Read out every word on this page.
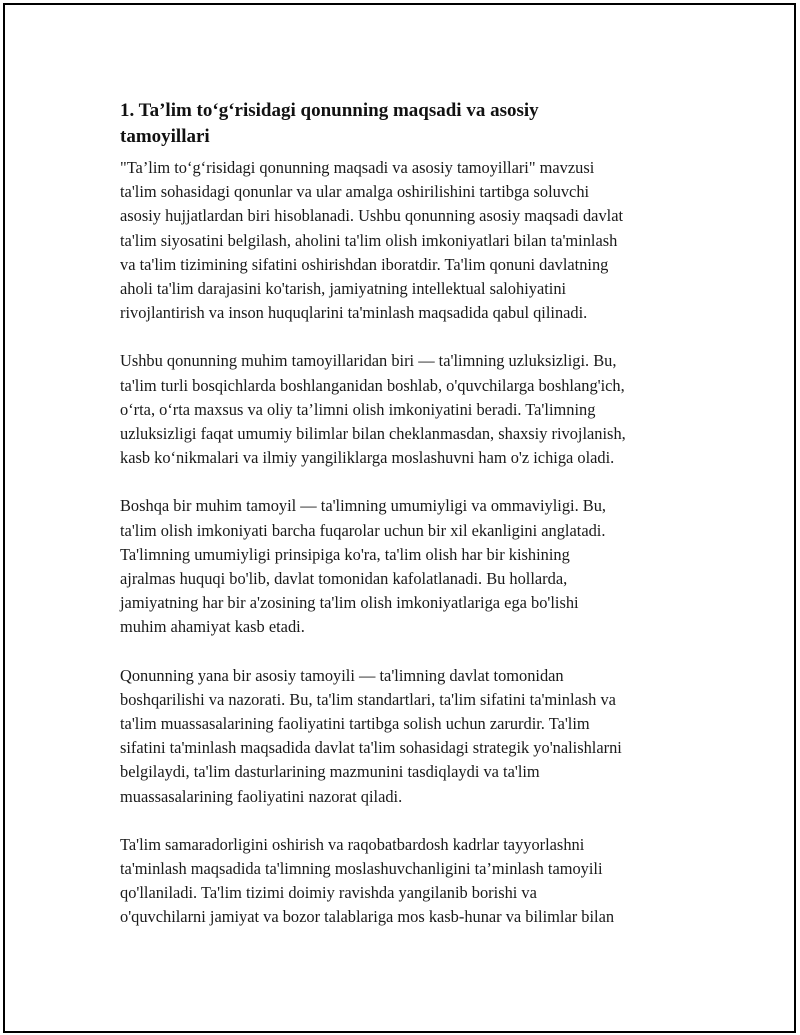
1. Ta’lim to‘g‘risidagi qonunning maqsadi va asosiy
tamoyillari

"Ta’lim to‘g‘risidagi qonunning maqsadi va asosiy tamoyillari" mavzusi
ta'lim sohasidagi qonunlar va ular amalga oshirilishini tartibga soluvchi
asosiy hujjatlardan biri hisoblanadi. Ushbu qonunning asosiy maqsadi davlat
ta'lim siyosatini belgilash, aholini ta'lim olish imkoniyatlari bilan ta'minlash
va ta'lim tizimining sifatini oshirishdan iboratdir. Ta'lim qonuni davlatning
aholi ta'lim darajasini ko'tarish, jamiyatning intellektual salohiyatini
rivojlantirish va inson huquqlarini ta'minlash maqsadida qabul qilinadi.

Ushbu qonunning muhim tamoyillaridan biri — ta'limning uzluksizligi. Bu,
ta'lim turli bosqichlarda boshlanganidan boshlab, o'quvchilarga boshlang'ich,
o‘rta, o‘rta maxsus va oliy ta’limni olish imkoniyatini beradi. Ta'limning
uzluksizligi faqat umumiy bilimlar bilan cheklanmasdan, shaxsiy rivojlanish,
kasb ko‘nikmalari va ilmiy yangiliklarga moslashuvni ham o'z ichiga oladi.

Boshqa bir muhim tamoyil — ta'limning umumiyligi va ommaviyligi. Bu,
ta'lim olish imkoniyati barcha fuqarolar uchun bir xil ekanligini anglatadi.
Ta'limning umumiyligi prinsipiga ko'ra, ta'lim olish har bir kishining
ajralmas huquqi bo'lib, davlat tomonidan kafolatlanadi. Bu hollarda,
jamiyatning har bir a'zosining ta'lim olish imkoniyatlariga ega bo'lishi
muhim ahamiyat kasb etadi.

Qonunning yana bir asosiy tamoyili — ta'limning davlat tomonidan
boshqarilishi va nazorati. Bu, ta'lim standartlari, ta'lim sifatini ta'minlash va
ta'lim muassasalarining faoliyatini tartibga solish uchun zarurdir. Ta'lim
sifatini ta'minlash maqsadida davlat ta'lim sohasidagi strategik yo'nalishlarni
belgilaydi, ta'lim dasturlarining mazmunini tasdiqlaydi va ta'lim
muassasalarining faoliyatini nazorat qiladi.

Ta'lim samaradorligini oshirish va raqobatbardosh kadrlar tayyorlashni
ta'minlash maqsadida ta'limning moslashuvchanligini ta’minlash tamoyili
qo'llaniladi. Ta'lim tizimi doimiy ravishda yangilanib borishi va
o'quvchilarni jamiyat va bozor talablariga mos kasb-hunar va bilimlar bilan
